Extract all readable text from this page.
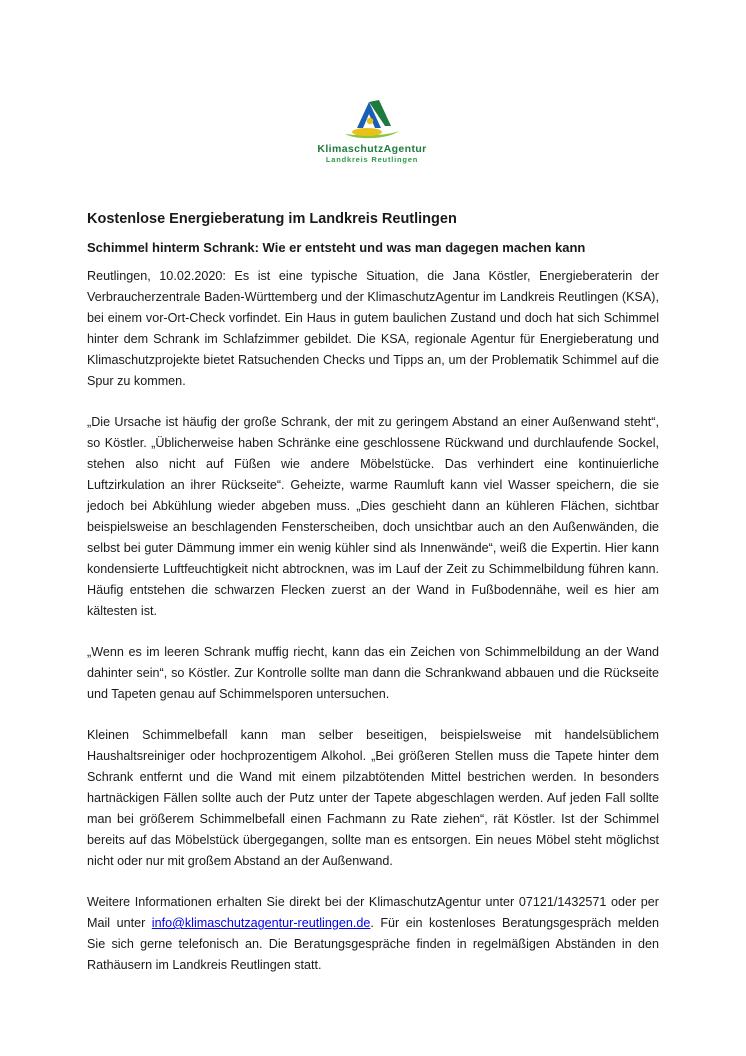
KlimaschutzAgentur
Landkreis Reutlingen
Kostenlose Energieberatung im Landkreis Reutlingen
Schimmel hinterm Schrank: Wie er entsteht und was man dagegen machen kann

Reutlingen, 10.02.2020: Es ist eine typische Situation, die Jana Köstler, Energieberaterin der Verbraucherzentrale Baden-Württemberg und der KlimaschutzAgentur im Landkreis Reutlingen (KSA), bei einem vor-Ort-Check vorfindet. Ein Haus in gutem baulichen Zustand und doch hat sich Schimmel hinter dem Schrank im Schlafzimmer gebildet. Die KSA, regionale Agentur für Energieberatung und Klimaschutzprojekte bietet Ratsuchenden Checks und Tipps an, um der Problematik Schimmel auf die Spur zu kommen.

„Die Ursache ist häufig der große Schrank, der mit zu geringem Abstand an einer Außenwand steht“, so Köstler. „Üblicherweise haben Schränke eine geschlossene Rückwand und durchlaufende Sockel, stehen also nicht auf Füßen wie andere Möbelstücke. Das verhindert eine kontinuierliche Luftzirkulation an ihrer Rückseite“. Geheizte, warme Raumluft kann viel Wasser speichern, die sie jedoch bei Abkühlung wieder abgeben muss. „Dies geschieht dann an kühleren Flächen, sichtbar beispielsweise an beschlagenden Fensterscheiben, doch unsichtbar auch an den Außenwänden, die selbst bei guter Dämmung immer ein wenig kühler sind als Innenwände“, weiß die Expertin. Hier kann kondensierte Luftfeuchtigkeit nicht abtrocknen, was im Lauf der Zeit zu Schimmelbildung führen kann. Häufig entstehen die schwarzen Flecken zuerst an der Wand in Fußbodennähe, weil es hier am kältesten ist.

„Wenn es im leeren Schrank muffig riecht, kann das ein Zeichen von Schimmelbildung an der Wand dahinter sein“, so Köstler. Zur Kontrolle sollte man dann die Schrankwand abbauen und die Rückseite und Tapeten genau auf Schimmelsporen untersuchen.

Kleinen Schimmelbefall kann man selber beseitigen, beispielsweise mit handelsüblichem Haushaltsreiniger oder hochprozentigem Alkohol. „Bei größeren Stellen muss die Tapete hinter dem Schrank entfernt und die Wand mit einem pilzabtötenden Mittel bestrichen werden. In besonders hartnäckigen Fällen sollte auch der Putz unter der Tapete abgeschlagen werden. Auf jeden Fall sollte man bei größerem Schimmelbefall einen Fachmann zu Rate ziehen“, rät Köstler. Ist der Schimmel bereits auf das Möbelstück übergegangen, sollte man es entsorgen. Ein neues Möbel steht möglichst nicht oder nur mit großem Abstand an der Außenwand.

Weitere Informationen erhalten Sie direkt bei der KlimaschutzAgentur unter 07121/1432571 oder per Mail unter info@klimaschutzagentur-reutlingen.de. Für ein kostenloses Beratungsgespräch melden Sie sich gerne telefonisch an. Die Beratungsgespräche finden in regelmäßigen Abständen in den Rathäusern im Landkreis Reutlingen statt.
